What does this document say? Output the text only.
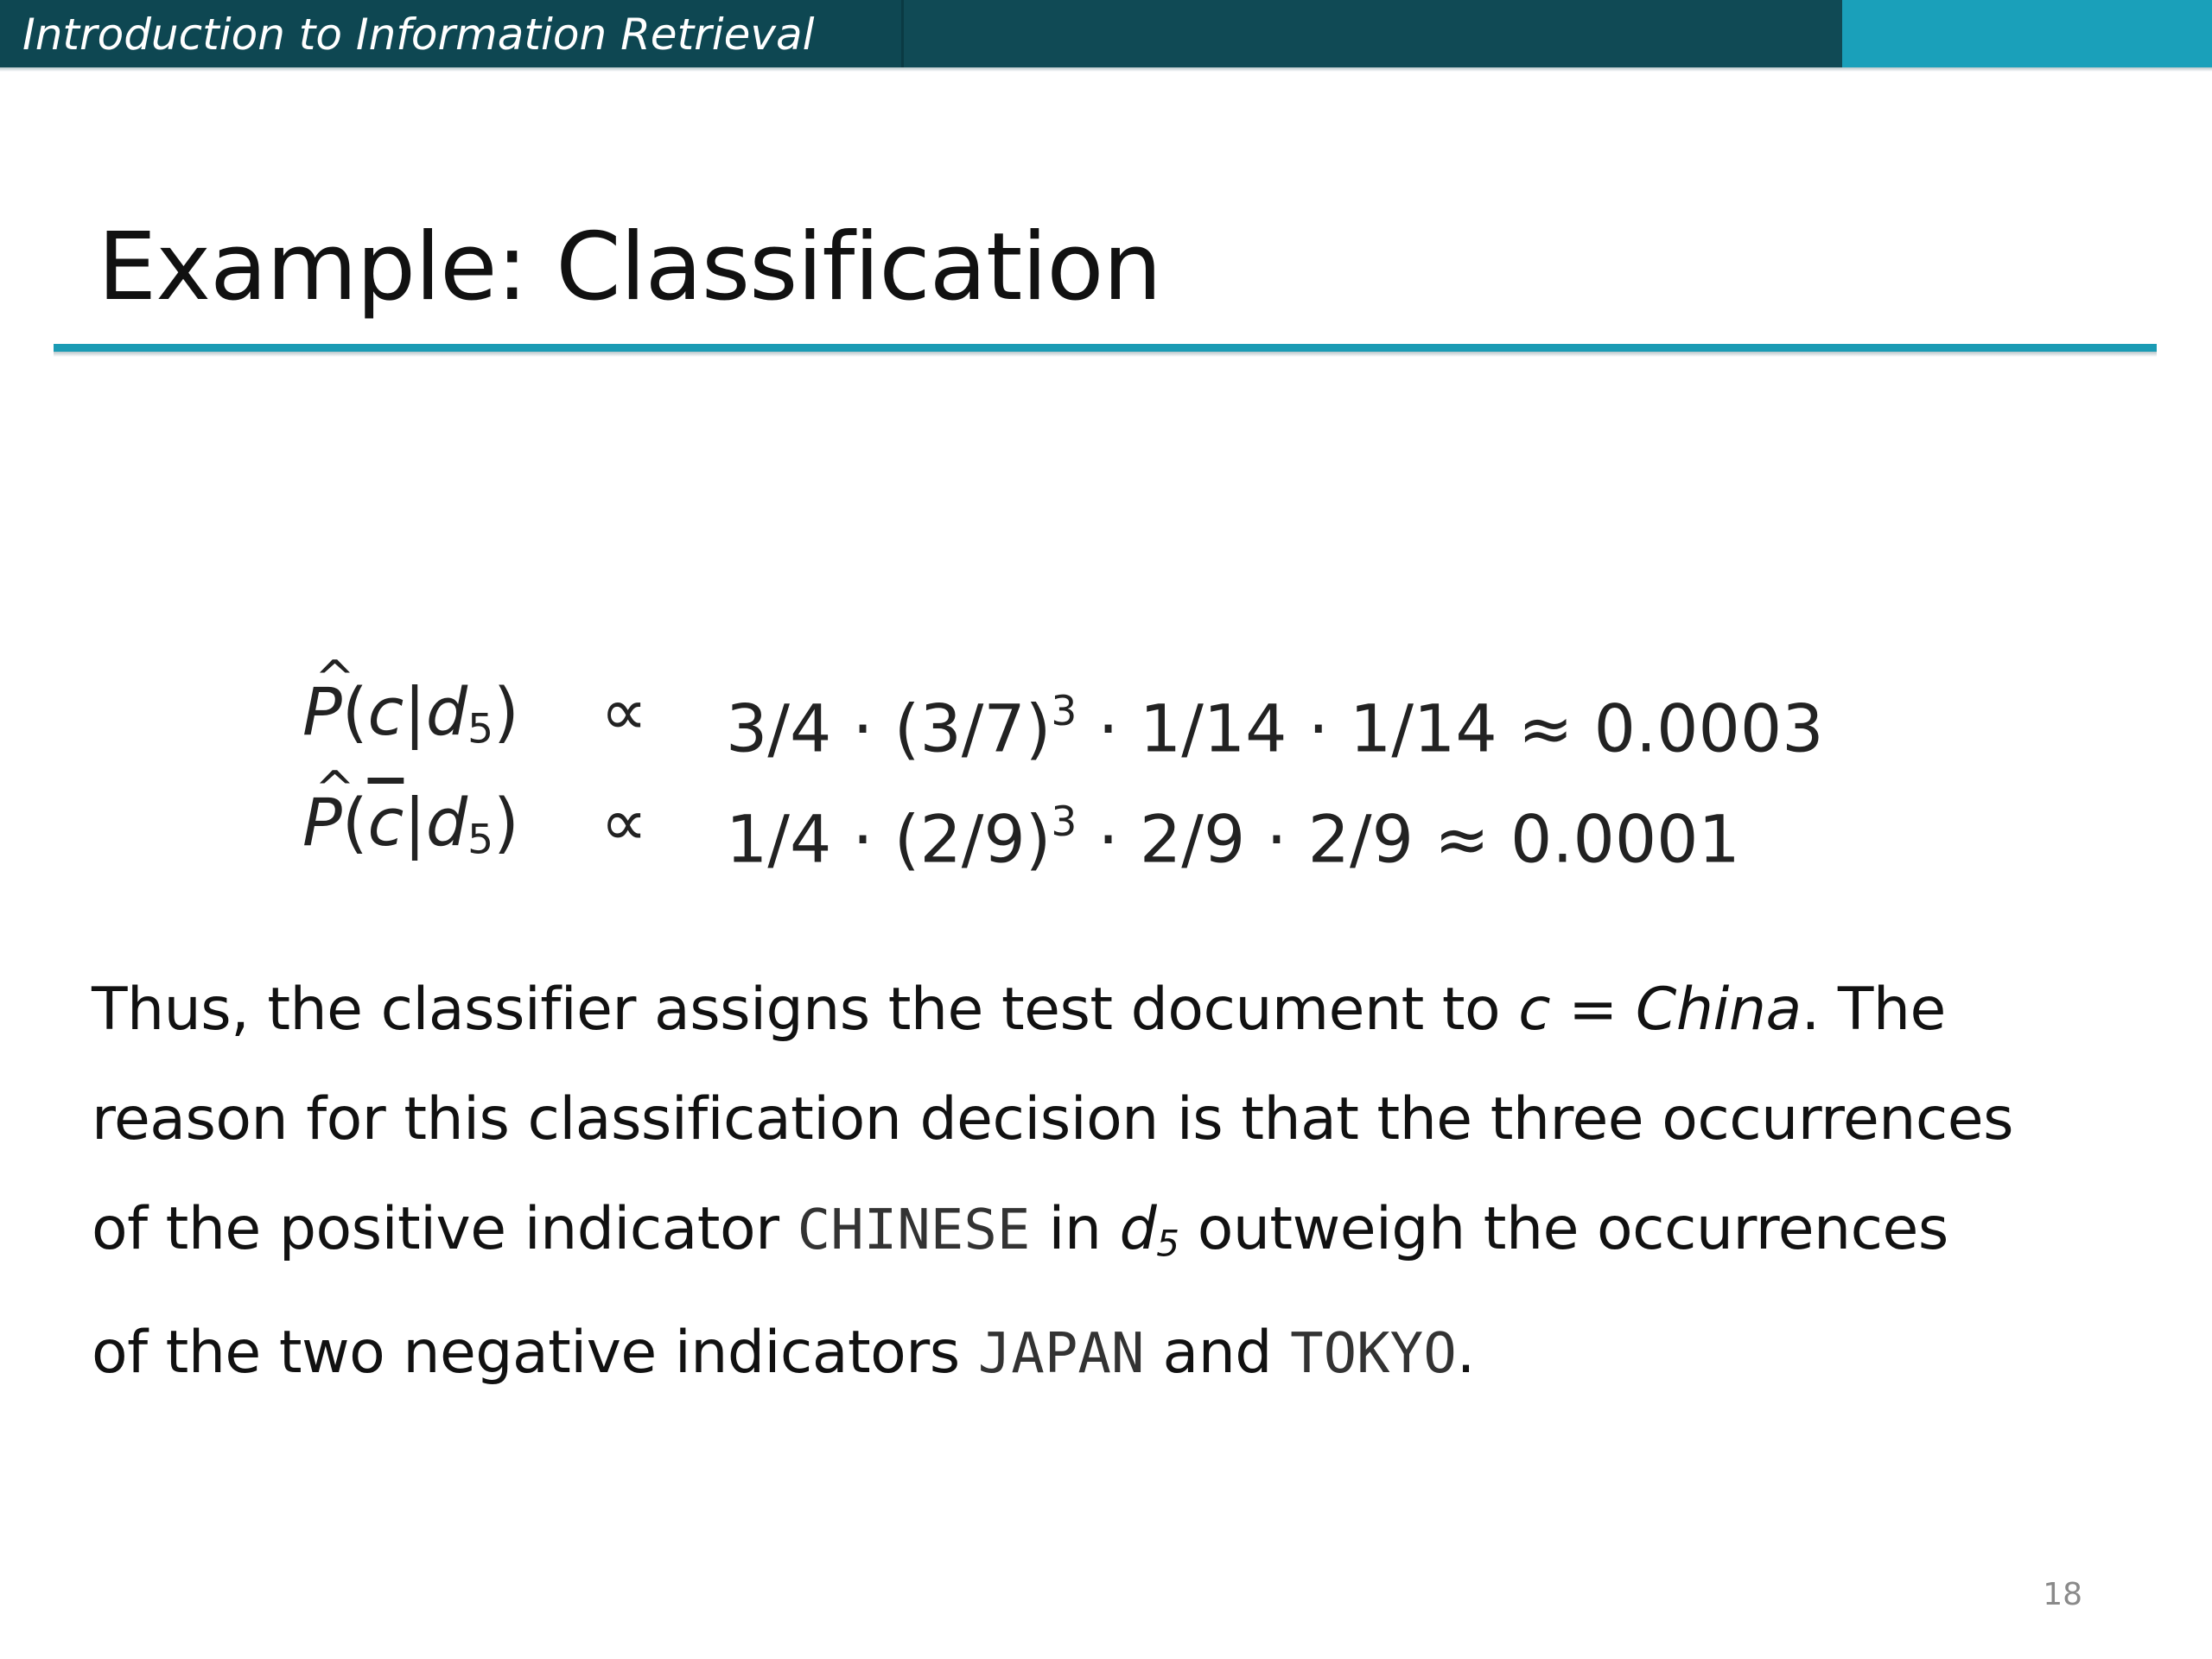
Introduction to Information Retrieval
Example: Classification
^ $P(c|d_5) \propto 3/4 \cdot (3/7)^3 \cdot 1/14 \cdot 1/14 \approx 0.0003$
^ $P(\overline{c}|d_5) \propto 1/4 \cdot (2/9)^3 \cdot 2/9 \cdot 2/9 \approx 0.0001$
Thus, the classifier assigns the test document to c = China. The
reason for this classification decision is that the three occurrences
of the positive indicator CHINESE in $d_5$ outweigh the occurrences
of the two negative indicators JAPAN and TOKYO.
18
